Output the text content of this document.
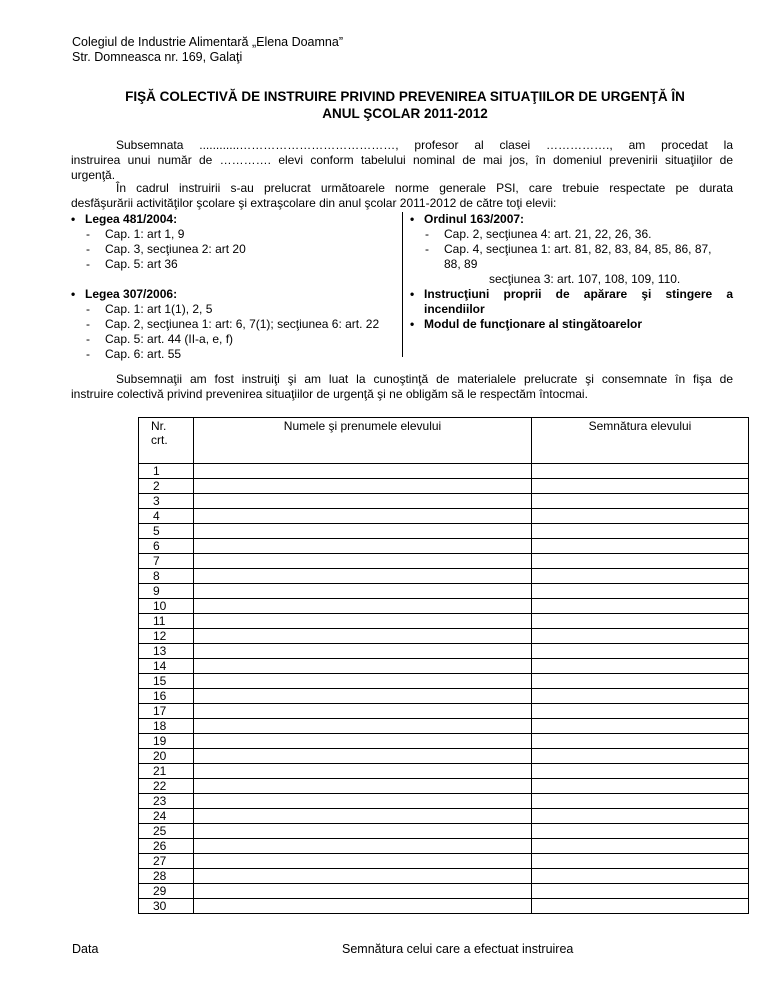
Colegiul de Industrie Alimentară „Elena Doamna”
Str. Domneasca nr. 169, Galaţi
FIŞĂ COLECTIVĂ DE INSTRUIRE PRIVIND PREVENIREA SITUAŢIILOR DE URGENŢĂ ÎN
ANUL ŞCOLAR 2011-2012
Subsemnata ............…………………………………, profesor al clasei ……………., am procedat la
instruirea unui număr de …………. elevi conform tabelului nominal de mai jos, în domeniul prevenirii situaţiilor de
urgenţă.
În cadrul instruirii s-au prelucrat următoarele norme generale PSI, care trebuie respectate pe durata
desfăşurării activităţilor şcolare şi extraşcolare din anul şcolar 2011-2012 de către toţi elevii:
• Legea 481/2004:
- Cap. 1: art 1, 9
- Cap. 3, secţiunea 2: art 20
- Cap. 5: art 36
• Legea 307/2006:
- Cap. 1: art 1(1), 2, 5
- Cap. 2, secţiunea 1: art: 6, 7(1); secţiunea 6: art. 22
- Cap. 5: art. 44 (II-a, e, f)
- Cap. 6: art. 55
• Ordinul 163/2007:
- Cap. 2, secţiunea 4: art. 21, 22, 26, 36.
- Cap. 4, secţiunea 1: art. 81, 82, 83, 84, 85, 86, 87,
88, 89
secţiunea 3: art. 107, 108, 109, 110.
• Instrucţiuni proprii de apărare şi stingere a
incendiilor
• Modul de funcţionare al stingătoarelor
Subsemnaţii am fost instruiţi şi am luat la cunoştinţă de materialele prelucrate şi consemnate în fişa de
instruire colectivă privind prevenirea situaţiilor de urgenţă şi ne obligăm să le respectăm întocmai.
Nr.
crt.	Numele şi prenumele elevului	Semnătura elevului
1		
2		
3		
4		
5		
6		
7		
8		
9		
10		
11		
12		
13		
14		
15		
16		
17		
18		
19		
20		
21		
22		
23		
24		
25		
26		
27		
28		
29		
30		
Data	Semnătura celui care a efectuat instruirea
